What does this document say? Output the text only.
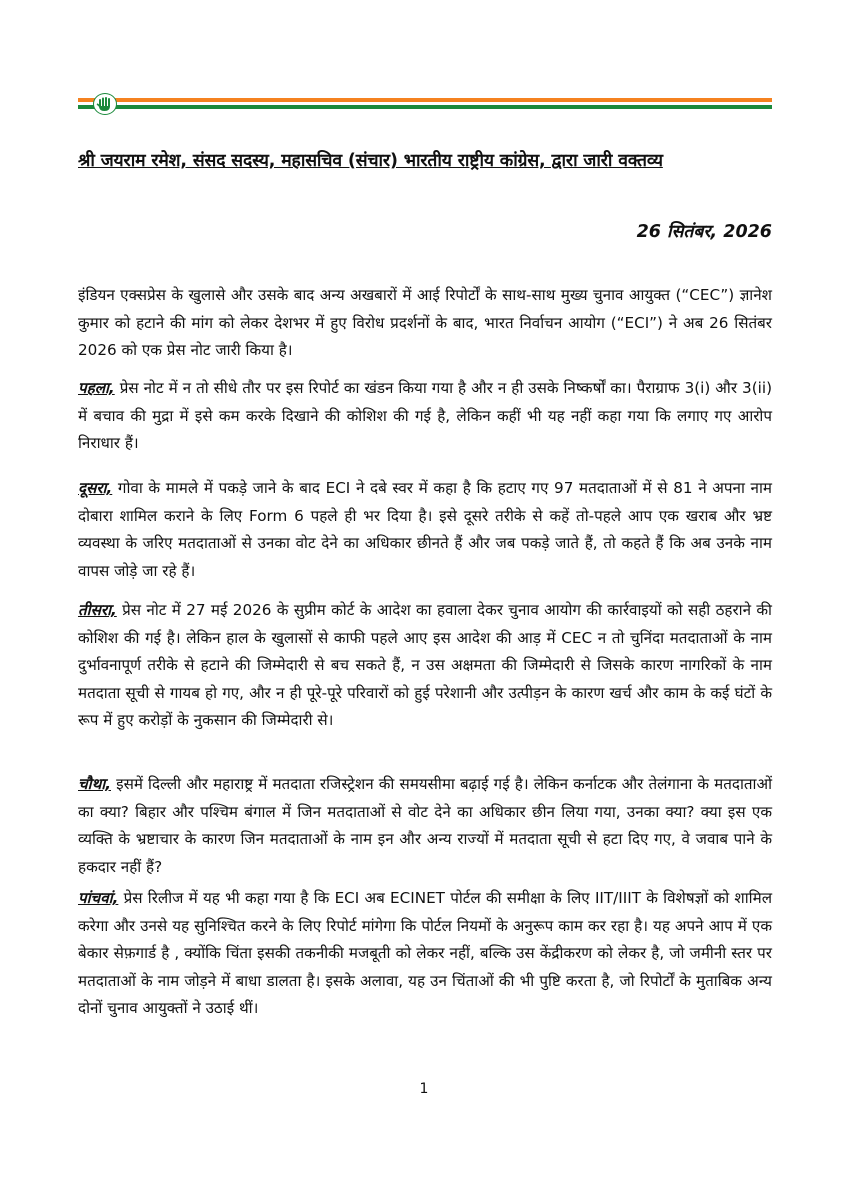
श्री जयराम रमेश, संसद सदस्य, महासचिव (संचार) भारतीय राष्ट्रीय कांग्रेस, द्वारा जारी वक्तव्य
26 सितंबर, 2026

इंडियन एक्सप्रेस के खुलासे और उसके बाद अन्य अखबारों में आई रिपोर्टों के साथ-साथ मुख्य चुनाव आयुक्त (“CEC”) ज्ञानेश कुमार को हटाने की मांग को लेकर देशभर में हुए विरोध प्रदर्शनों के बाद, भारत निर्वाचन आयोग (“ECI”) ने अब 26 सितंबर 2026 को एक प्रेस नोट जारी किया है।

पहला, प्रेस नोट में न तो सीधे तौर पर इस रिपोर्ट का खंडन किया गया है और न ही उसके निष्कर्षों का। पैराग्राफ 3(i) और 3(ii) में बचाव की मुद्रा में इसे कम करके दिखाने की कोशिश की गई है, लेकिन कहीं भी यह नहीं कहा गया कि लगाए गए आरोप निराधार हैं।

दूसरा, गोवा के मामले में पकड़े जाने के बाद ECI ने दबे स्वर में कहा है कि हटाए गए 97 मतदाताओं में से 81 ने अपना नाम दोबारा शामिल कराने के लिए Form 6 पहले ही भर दिया है। इसे दूसरे तरीके से कहें तो-पहले आप एक खराब और भ्रष्ट व्यवस्था के जरिए मतदाताओं से उनका वोट देने का अधिकार छीनते हैं और जब पकड़े जाते हैं, तो कहते हैं कि अब उनके नाम वापस जोड़े जा रहे हैं।

तीसरा, प्रेस नोट में 27 मई 2026 के सुप्रीम कोर्ट के आदेश का हवाला देकर चुनाव आयोग की कार्रवाइयों को सही ठहराने की कोशिश की गई है। लेकिन हाल के खुलासों से काफी पहले आए इस आदेश की आड़ में CEC न तो चुनिंदा मतदाताओं के नाम दुर्भावनापूर्ण तरीके से हटाने की जिम्मेदारी से बच सकते हैं, न उस अक्षमता की जिम्मेदारी से जिसके कारण नागरिकों के नाम मतदाता सूची से गायब हो गए, और न ही पूरे-पूरे परिवारों को हुई परेशानी और उत्पीड़न के कारण खर्च और काम के कई घंटों के रूप में हुए करोड़ों के नुकसान की जिम्मेदारी से।

चौथा, इसमें दिल्ली और महाराष्ट्र में मतदाता रजिस्ट्रेशन की समयसीमा बढ़ाई गई है। लेकिन कर्नाटक और तेलंगाना के मतदाताओं का क्या? बिहार और पश्चिम बंगाल में जिन मतदाताओं से वोट देने का अधिकार छीन लिया गया, उनका क्या? क्या इस एक व्यक्ति के भ्रष्टाचार के कारण जिन मतदाताओं के नाम इन और अन्य राज्यों में मतदाता सूची से हटा दिए गए, वे जवाब पाने के हकदार नहीं हैं?

पांचवां, प्रेस रिलीज में यह भी कहा गया है कि ECI अब ECINET पोर्टल की समीक्षा के लिए IIT/IIIT के विशेषज्ञों को शामिल करेगा और उनसे यह सुनिश्चित करने के लिए रिपोर्ट मांगेगा कि पोर्टल नियमों के अनुरूप काम कर रहा है। यह अपने आप में एक बेकार सेफ़गार्ड है , क्योंकि चिंता इसकी तकनीकी मजबूती को लेकर नहीं, बल्कि उस केंद्रीकरण को लेकर है, जो जमीनी स्तर पर मतदाताओं के नाम जोड़ने में बाधा डालता है। इसके अलावा, यह उन चिंताओं की भी पुष्टि करता है, जो रिपोर्टों के मुताबिक अन्य दोनों चुनाव आयुक्तों ने उठाई थीं।

1
